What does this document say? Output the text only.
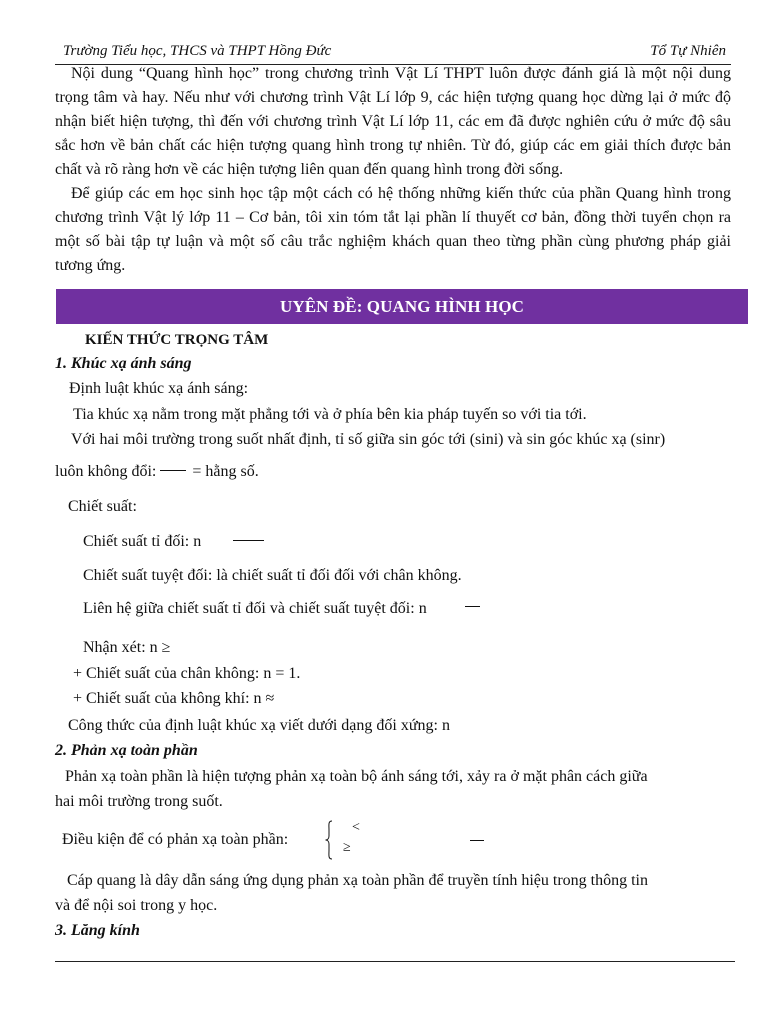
Trường Tiểu học, THCS và THPT Hồng Đức	Tổ Tự Nhiên

Nội dung “Quang hình học” trong chương trình Vật Lí THPT luôn được đánh giá là một nội dung trọng tâm và hay. Nếu như với chương trình Vật Lí lớp 9, các hiện tượng quang học dừng lại ở mức độ nhận biết hiện tượng, thì đến với chương trình Vật Lí lớp 11, các em đã được nghiên cứu ở mức độ sâu sắc hơn về bản chất các hiện tượng quang hình trong tự nhiên. Từ đó, giúp các em giải thích được bản chất và rõ ràng hơn về các hiện tượng liên quan đến quang hình trong đời sống.

Để giúp các em học sinh học tập một cách có hệ thống những kiến thức của phần Quang hình trong chương trình Vật lý lớp 11 – Cơ bản, tôi xin tóm tắt lại phần lí thuyết cơ bản, đồng thời tuyển chọn ra một số bài tập tự luận và một số câu trắc nghiệm khách quan theo từng phần cùng phương pháp giải tương ứng.

UYÊN ĐỀ: QUANG HÌNH HỌC
KIẾN THỨC TRỌNG TÂM
1. Khúc xạ ánh sáng
Định luật khúc xạ ánh sáng:
Tia khúc xạ nằm trong mặt phẳng tới và ở phía bên kia pháp tuyến so với tia tới.
Với hai môi trường trong suốt nhất định, tỉ số giữa sin góc tới (sini) và sin góc khúc xạ (sinr)
luôn không đổi: = hằng số.
Chiết suất:
Chiết suất tỉ đối: n
Chiết suất tuyệt đối: là chiết suất tỉ đối đối với chân không.
Liên hệ giữa chiết suất tỉ đối và chiết suất tuyệt đối: n
Nhận xét: n ≥
+ Chiết suất của chân không: n = 1.
+ Chiết suất của không khí: n ≈
Công thức của định luật khúc xạ viết dưới dạng đối xứng: n
2. Phản xạ toàn phần
Phản xạ toàn phần là hiện tượng phản xạ toàn bộ ánh sáng tới, xảy ra ở mặt phân cách giữa
hai môi trường trong suốt.
Điều kiện để có phản xạ toàn phần:
<
≥
Cáp quang là dây dẫn sáng ứng dụng phản xạ toàn phần để truyền tính hiệu trong thông tin
và để nội soi trong y học.
3. Lăng kính
